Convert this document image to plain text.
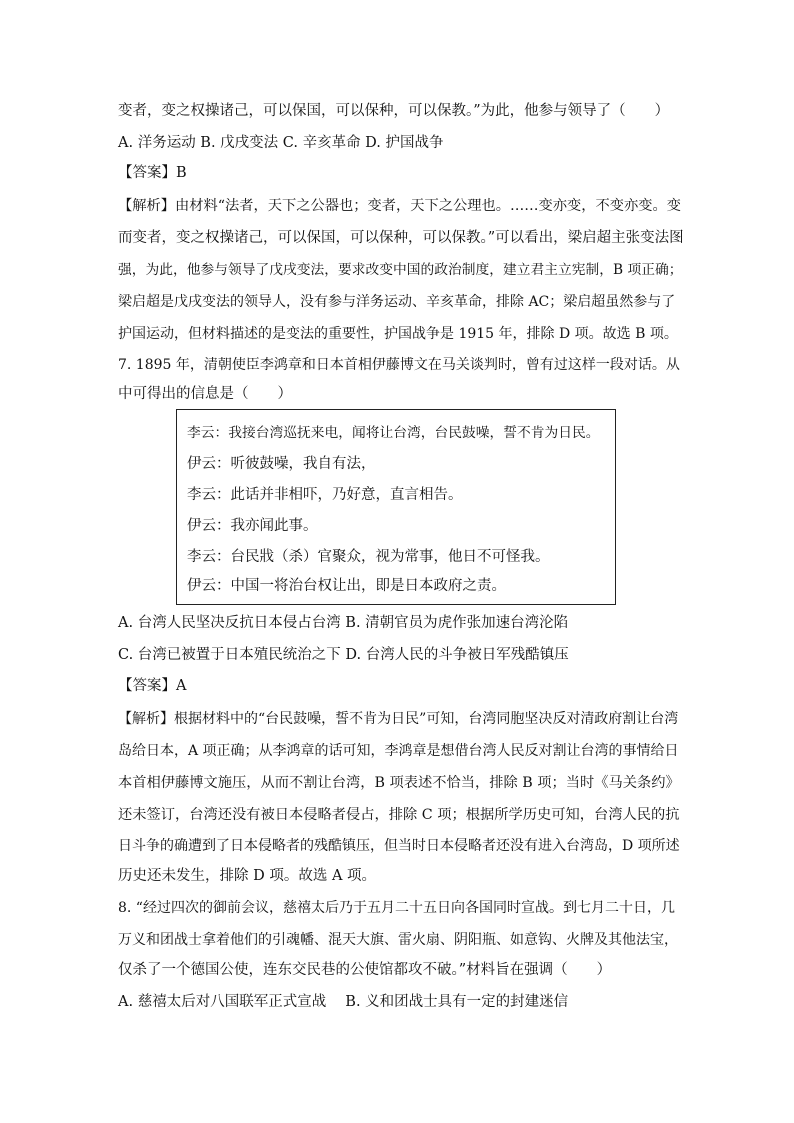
变者，变之权操诸己，可以保国，可以保种，可以保教。”为此，他参与领导了（　　）
A. 洋务运动 B. 戊戌变法 C. 辛亥革命 D. 护国战争
【答案】B
【解析】由材料“法者，天下之公器也；变者，天下之公理也。……变亦变，不变亦变。变
而变者，变之权操诸己，可以保国，可以保种，可以保教。”可以看出，梁启超主张变法图
强，为此，他参与领导了戊戌变法，要求改变中国的政治制度，建立君主立宪制，B 项正确；
梁启超是戊戌变法的领导人，没有参与洋务运动、辛亥革命，排除 AC；梁启超虽然参与了
护国运动，但材料描述的是变法的重要性，护国战争是 1915 年，排除 D 项。故选 B 项。
7. 1895 年，清朝使臣李鸿章和日本首相伊藤博文在马关谈判时，曾有过这样一段对话。从
中可得出的信息是（　　）
李云：我接台湾巡抚来电，闻将让台湾，台民鼓噪，誓不肯为日民。
伊云：听彼鼓噪，我自有法，
李云：此话并非相吓，乃好意，直言相告。
伊云：我亦闻此事。
李云：台民戕（杀）官聚众，视为常事，他日不可怪我。
伊云：中国一将治台权让出，即是日本政府之责。
A. 台湾人民坚决反抗日本侵占台湾 B. 清朝官员为虎作张加速台湾沦陷
C. 台湾已被置于日本殖民统治之下 D. 台湾人民的斗争被日军残酷镇压
【答案】A
【解析】根据材料中的“台民鼓噪，誓不肯为日民”可知，台湾同胞坚决反对清政府割让台湾
岛给日本，A 项正确；从李鸿章的话可知，李鸿章是想借台湾人民反对割让台湾的事情给日
本首相伊藤博文施压，从而不割让台湾，B 项表述不恰当，排除 B 项；当时《马关条约》
还未签订，台湾还没有被日本侵略者侵占，排除 C 项；根据所学历史可知，台湾人民的抗
日斗争的确遭到了日本侵略者的残酷镇压，但当时日本侵略者还没有进入台湾岛，D 项所述
历史还未发生，排除 D 项。故选 A 项。
8. “经过四次的御前会议，慈禧太后乃于五月二十五日向各国同时宣战。到七月二十日，几
万义和团战士拿着他们的引魂幡、混天大旗、雷火扇、阴阳瓶、如意钩、火牌及其他法宝，
仅杀了一个德国公使，连东交民巷的公使馆都攻不破。”材料旨在强调（　　）
A. 慈禧太后对八国联军正式宣战 　B. 义和团战士具有一定的封建迷信
